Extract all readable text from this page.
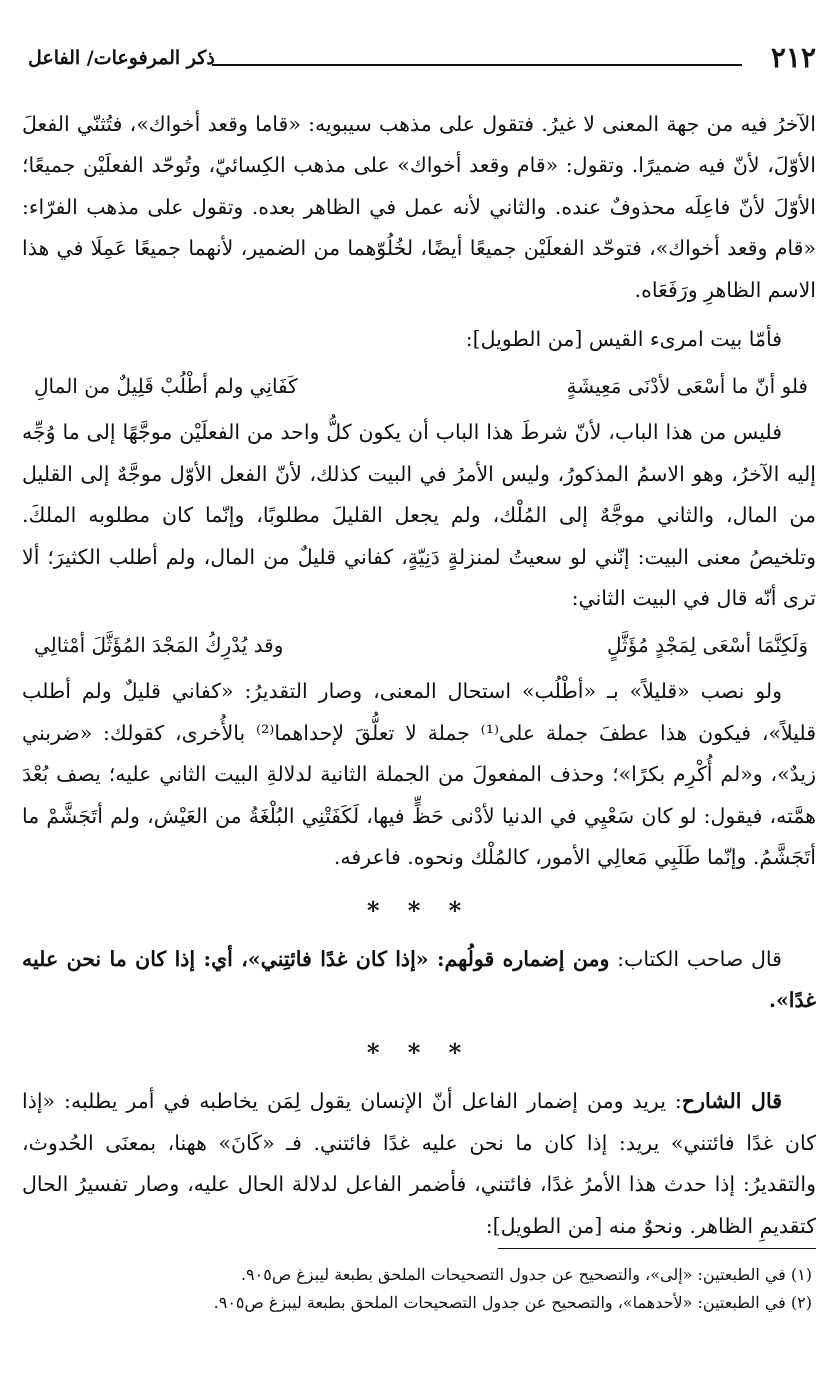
٢١٢
ذكر المرفوعات/ الفاعل

الآخرُ فيه من جهة المعنى لا غيرُ. فتقول على مذهب سيبويه: «قاما وقعد أخواك»، فتُثنّي الفعلَ الأوّلَ، لأنّ فيه ضميرًا. وتقول: «قام وقعد أخواك» على مذهب الكِسائيّ، وتُوحّد الفعلَيْن جميعًا؛ الأوّلَ لأنّ فاعِلَه محذوفٌ عنده. والثاني لأنه عمل في الظاهر بعده. وتقول على مذهب الفرّاء: «قام وقعد أخواك»، فتوحّد الفعلَيْن جميعًا أيضًا، لخُلُوّهما من الضمير، لأنهما جميعًا عَمِلَا في هذا الاسم الظاهرِ ورَفَعَاه.

فأمّا بيت امرىء القيس [من الطويل]:

فلو أنّ ما أسْعَى لأدْنَى مَعِيشَةٍ
كَفَانِي ولم أطْلُبْ قَلِيلٌ من المالِ

فليس من هذا الباب، لأنّ شرطَ هذا الباب أن يكون كلُّ واحد من الفعلَيْن موجَّهًا إلى ما وُجِّه إليه الآخرُ، وهو الاسمُ المذكورُ، وليس الأمرُ في البيت كذلك، لأنّ الفعل الأوّل موجَّهٌ إلى القليل من المال، والثاني موجَّهٌ إلى المُلْك، ولم يجعل القليلَ مطلوبًا، وإنّما كان مطلوبه الملكَ. وتلخيصُ معنى البيت: إنّني لو سعيتُ لمنزلةٍ دَنِيّةٍ، كفاني قليلٌ من المال، ولم أطلب الكثيرَ؛ ألا ترى أنّه قال في البيت الثاني:

وَلَكِنَّمَا أسْعَى لِمَجْدٍ مُؤَثَّلٍ
وقد يُدْرِكُ المَجْدَ المُؤَثَّلَ أمْثالِي

ولو نصب «قليلاً» بـ «أطْلُب» استحال المعنى، وصار التقديرُ: «كفاني قليلٌ ولم أطلب قليلاً»، فيكون هذا عطفَ جملة على⁽¹⁾ جملة لا تعلُّقَ لإحداهما⁽²⁾ بالأُخرى، كقولك: «ضربني زيدٌ»، و«لم أُكْرِم بكرًا»؛ وحذف المفعولَ من الجملة الثانية لدلالةِ البيت الثاني عليه؛ يصف بُعْدَ همَّته، فيقول: لو كان سَعْيِي في الدنيا لأدْنى حَظٍّ فيها، لَكَفَتْنِي البُلْغَةُ من العَيْش، ولم أتَجَشَّمْ ما أتَجَشَّمُ. وإنّما طَلَبِي مَعالِي الأمور، كالمُلْك ونحوه. فاعرفه.

* * *

قال صاحب الكتاب: ومن إضماره قولُهم: «إذا كان غدًا فائتِني»، أي: إذا كان ما نحن عليه غدًا».

* * *

قال الشارح: يريد ومن إضمار الفاعل أنّ الإنسان يقول لِمَن يخاطبه في أمر يطلبه: «إذا كان غدًا فائتني» يريد: إذا كان ما نحن عليه غدًا فائتني. فـ «كَانَ» ههنا، بمعنَى الحُدوث، والتقديرُ: إذا حدث هذا الأمرُ غدًا، فائتني، فأضمر الفاعل لدلالة الحال عليه، وصار تفسيرُ الحال كتقديمِ الظاهر. ونحوٌ منه [من الطويل]:

(١) في الطبعتين: «إلى»، والتصحيح عن جدول التصحيحات الملحق بطبعة ليبزغ ص٩٠٥.

(٢) في الطبعتين: «لأحدهما»، والتصحيح عن جدول التصحيحات الملحق بطبعة ليبزغ ص٩٠٥.
